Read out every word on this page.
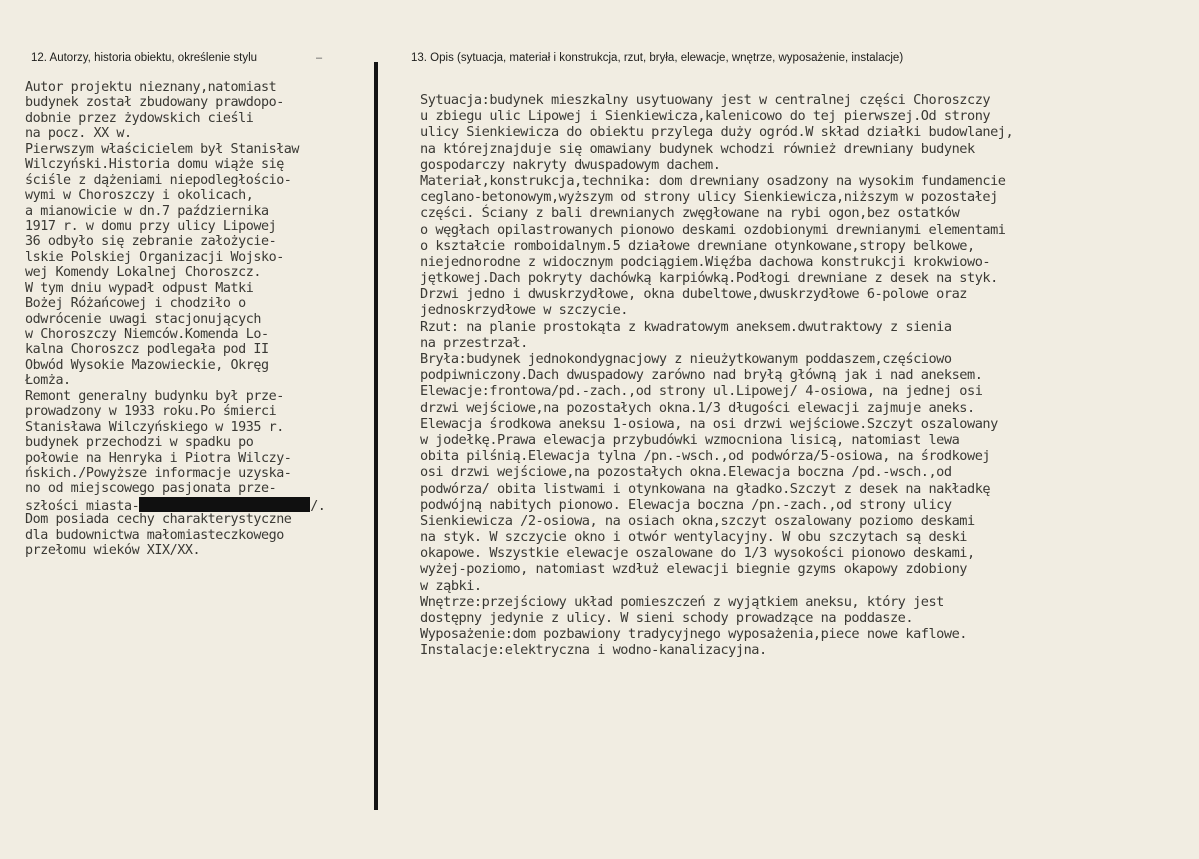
12. Autorzy, historia obiektu, określenie stylu	–	13. Opis (sytuacja, materiał i konstrukcja, rzut, bryła, elewacje, wnętrze, wyposażenie, instalacje)
Autor projektu nieznany,natomiast
budynek został zbudowany prawdopo-
dobnie przez żydowskich cieśli
na pocz. XX w.
Pierwszym właścicielem był Stanisław
Wilczyński.Historia domu wiąże się
ściśle z dążeniami niepodległościo-
wymi w Choroszczy i okolicach,
a mianowicie w dn.7 października
1917 r. w domu przy ulicy Lipowej
36 odbyło się zebranie założycie-
lskie Polskiej Organizacji Wojsko-
wej Komendy Lokalnej Choroszcz.
W tym dniu wypadł odpust Matki
Bożej Różańcowej i chodziło o
odwrócenie uwagi stacjonujących
w Choroszczy Niemców.Komenda Lo-
kalna Choroszcz podlegała pod II
Obwód Wysokie Mazowieckie, Okręg
Łomża.
Remont generalny budynku był prze-
prowadzony w 1933 roku.Po śmierci
Stanisława Wilczyńskiego w 1935 r.
budynek przechodzi w spadku po
połowie na Henryka i Piotra Wilczy-
ńskich./Powyższe informacje uzyska-
no od miejscowego pasjonata prze-
szłości miasta-	/.
Dom posiada cechy charakterystyczne
dla budownictwa małomiasteczkowego
przełomu wieków XIX/XX.
Sytuacja:budynek mieszkalny usytuowany jest w centralnej części Choroszczy
u zbiegu ulic Lipowej i Sienkiewicza,kalenicowo do tej pierwszej.Od strony
ulicy Sienkiewicza do obiektu przylega duży ogród.W skład działki budowlanej,
na którejznajduje się omawiany budynek wchodzi również drewniany budynek
gospodarczy nakryty dwuspadowym dachem.
Materiał,konstrukcja,technika: dom drewniany osadzony na wysokim fundamencie
ceglano-betonowym,wyższym od strony ulicy Sienkiewicza,niższym w pozostałej
części. Ściany z bali drewnianych zwęgłowane na rybi ogon,bez ostatków
o węgłach opilastrowanych pionowo deskami ozdobionymi drewnianymi elementami
o kształcie romboidalnym.5 działowe drewniane otynkowane,stropy belkowe,
niejednorodne z widocznym podciągiem.Więźba dachowa konstrukcji krokwiowo-
jętkowej.Dach pokryty dachówką karpiówką.Podłogi drewniane z desek na styk.
Drzwi jedno i dwuskrzydłowe, okna dubeltowe,dwuskrzydłowe 6-polowe oraz
jednoskrzydłowe w szczycie.
Rzut: na planie prostokąta z kwadratowym aneksem.dwutraktowy z sienia
na przestrzał.
Bryła:budynek jednokondygnacjowy z nieużytkowanym poddaszem,częściowo
podpiwniczony.Dach dwuspadowy zarówno nad bryłą główną jak i nad aneksem.
Elewacje:frontowa/pd.-zach.,od strony ul.Lipowej/ 4-osiowa, na jednej osi
drzwi wejściowe,na pozostałych okna.1/3 długości elewacji zajmuje aneks.
Elewacja środkowa aneksu 1-osiowa, na osi drzwi wejściowe.Szczyt oszalowany
w jodełkę.Prawa elewacja przybudówki wzmocniona lisicą, natomiast lewa
obita pilśnią.Elewacja tylna /pn.-wsch.,od podwórza/5-osiowa, na środkowej
osi drzwi wejściowe,na pozostałych okna.Elewacja boczna /pd.-wsch.,od
podwórza/ obita listwami i otynkowana na gładko.Szczyt z desek na nakładkę
podwójną nabitych pionowo. Elewacja boczna /pn.-zach.,od strony ulicy
Sienkiewicza /2-osiowa, na osiach okna,szczyt oszalowany poziomo deskami
na styk. W szczycie okno i otwór wentylacyjny. W obu szczytach są deski
okapowe. Wszystkie elewacje oszalowane do 1/3 wysokości pionowo deskami,
wyżej-poziomo, natomiast wzdłuż elewacji biegnie gzyms okapowy zdobiony
w ząbki.
Wnętrze:przejściowy układ pomieszczeń z wyjątkiem aneksu, który jest
dostępny jedynie z ulicy. W sieni schody prowadzące na poddasze.
Wyposażenie:dom pozbawiony tradycyjnego wyposażenia,piece nowe kaflowe.
Instalacje:elektryczna i wodno-kanalizacyjna.
